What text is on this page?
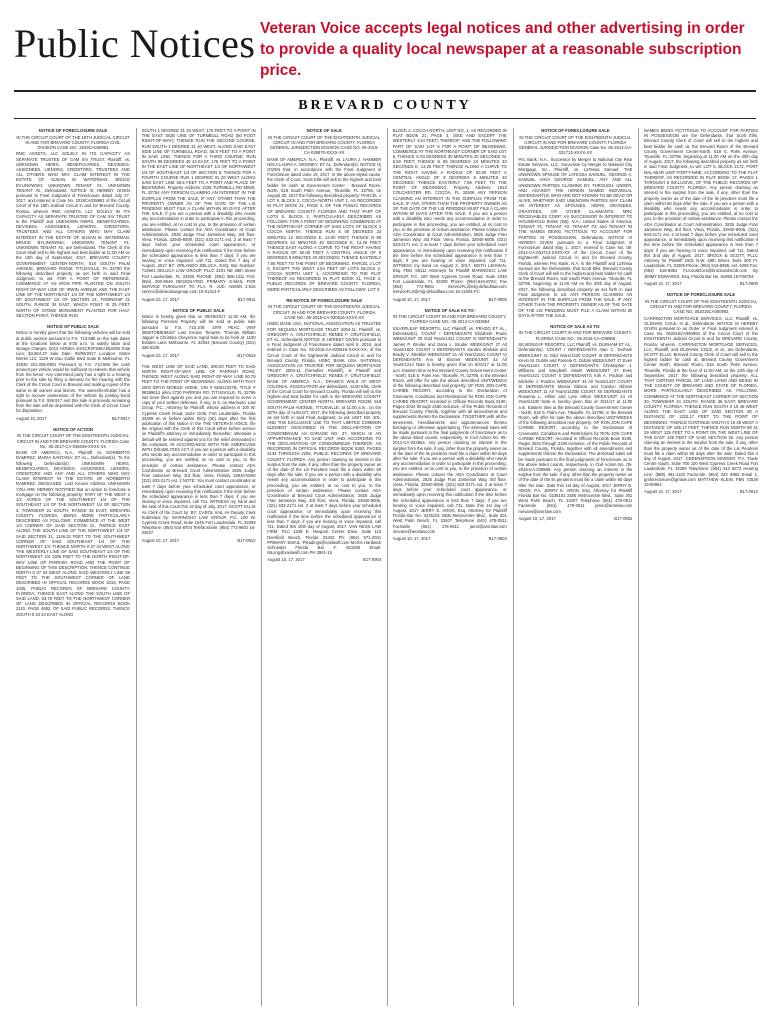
Public Notices Veteran Voice accepts legal notices and other advertising in order to provide a quality local newspaper at a reasonable subscription price.
BREVARD COUNTY

NOTICE OF FORECLOSURE SALE

IN THE CIRCUIT COURT OF THE 18TH JUDICIAL CIRCUIT IN AND FOR BREVARD COUNTY, FLORIDA CIVIL DIVISION CASE NO.: 2019CA038981

RMC ASSETS, LLC SOLELY IN ITS CAPACITY AS SEPARATE TRUSTEE OF CAM XIV TRUST, Plaintiff, vs. UNKNOWN HEIRS, BENEFICIARIES, DEVISEES, ASSIGNEES, LIENORS, CREDITORS, TRUSTEES AND ALL OTHERS WHO MAY CLAIM INTEREST IN THE ESTATE OF SUSAN M. WATERMAN; BRUCE BYLINOWSKI; UNKNOWN TENANT #1; UNKNOWN TENANT #2, Defendants. NOTICE IS HEREBY GIVEN pursuant to Final Judgment of Foreclosure dated July 27, 2017, and entered in Case No. 2019CA038981 of the Circuit Court of the 18th Judicial Circuit in and for Brevard County, Florida, wherein RMC ASSETS, LLC SOLELY IN ITS CAPACITY AS SEPARATE TRUSTEE OF CAM XIV TRUST is the Plaintiff and UNKNOWN HEIRS, BENEFICIARIES, DEVISEES, ASSIGNEES, LIENORS, CREDITORS, TRUSTEES AND ALL OTHERS WHO MAY CLAIM INTEREST IN THE ESTATE OF SUSAN M. WATERMAN; BRUCE BYLINOWSKI; UNKNOWN TENANT #1; UNKNOWN TENANT #2, are Defendants. The Clerk of the Court shall sell to the highest and best bidder at 11:00 AM on the 13th day of September, 2017, BREVARD COUNTY GOVERNMENT CENTER-NORTH, 518 SOUTH PALM AVENUE, BREVARD ROOM, TITUSVILLE, FL 32780 the following described property as set forth in said Final Judgment, to wit: FOR A POINT OF REFERENCE, COMMENCE AT AN IRON PIPE PLANTED ON SOUTH RIGHT-OF-WAY LINE OF IRWIN AVENUE AND THE EAST LINE OF THE NORTHEAST 1/4 OF THE NORTHWEST 1/4 OF SOUTHWEST 1/4 OF SECTION 14, TOWNSHIP 21 SOUTH, RANGE 34 EAST, WHICH POINT IS 25 FEET NORTH OF STONE MONUMENT PLANTED FOR HALF SECTION POINT, THENCE RUN

NOTICE OF PUBLIC SALE

Notice is hereby given that the following vehicles will be sold at public auction pursuant to F.S. 713.585 on the sale dates at the locations below at 9:00 a.m. to satisfy labor and storage charges. 2014 HONDA 1HGCR2F84EA053408 Total Lien: $3,664.37 Sale Date: 09/05/2017 Location: Motor Werks LLC 1129 W Eau Gallie Blvd Suite B Melbourne, FL 32935 321-255-0901 Pursuant to F.S. 713.585 the cash amount per vehicle would be sufficient to redeem that vehicle from the lienor. Any interested party has a right to a hearing prior to the sale by filing a demand for the hearing with the Clerk of the Circuit Court in Brevard and mailing copies of the same to all owners and lienors. The owner/lienholder has a right to recover possession of the vehicle by posting bond pursuant to F.S. 559.917 and this sale is proceeds remaining from the sale will be deposited with the Clerk of Circuit Court for disposition.

August 10, 2017	B17-0917

NOTICE OF ACTION

IN THE CIRCUIT COURT OF THE EIGHTEENTH JUDICIAL CIRCUIT IN AND FOR BREVARD COUNTY, FLORIDA Case No.: 05-2017-CA-035049-XXXX-XX

BANK OF AMERICA, N.A., Plaintiff, vs. NORBERTO RAMIREZ; MARIA SANTANA; ET AL., Defendant(s). To the following Defendant(s): UNKNOWN HEIRS, BENEFICIARIES, DEVISEES, ASSIGNEES, LIENORS, CREDITORS AND ANY AND ALL OTHERS WHO MAY CLAIM INTEREST IN THE ESTATE OF NORBERTO RAMIREZ, DECEASED. Last Known Address UNKNOWN YOU ARE HEREBY NOTIFIED that an action to foreclose a mortgage on the following property: PART OF THE WEST 2 1/2 ACRES OF THE SOUTHWEST 1/4 OF THE SOUTHEAST 1/4 OF THE NORTHWEST 1/4 OF SECTION 3, TOWNSHIP 21 SOUTH, RANGE 35 EAST, BREVARD COUNTY, FLORIDA, BEING MORE PARTICULARLY DESCRIBED AS FOLLOWS: COMMENCE AT THE WEST 1/4 CORNER OF SAID SECTION 21, THENCE EAST ALONG THE SOUTH LINE OF THE NORTHWEST 1/4 OF SAID SECTION 21, 1146.32 FEET TO THE SOUTHWEST CORNER OF SAID SOUTHEAST 1/4 OF THE NORTHWEST 1/4; THENCE NORTH 0 37 34 WEST ALONG THE WESTERLY LINE OF SAID SOUTHEAST 1/4 OF THE NORTHWEST 1/4 1305 FEET TO THE NORTH RIGHT-OF-WAY LINE OF PARRISH ROAD AND THE POINT OF BEGINNING OF THIS DESCRIPTION; THENCE CONTINUE NORTH 0 37 34 WEST ALONG SAID WESTERLY LINE 55 FEET TO THE SOUTHWEST CORNER OF LAND DESCRIBED IN OFFICIAL RECORDS BOOK 3310, PAGE 1035, PUBLIC RECORDS OF BREVARD COUNTY, FLORIDA; THENCE EAST ALONG THE SOUTH LINE OF SAID LAND, 53.78 FEET TO THE NORTHWEST CORNER OF LAND DESCRIBED IN OFFICIAL RECORDS BOOK 3110, PAGE 4882, OF SAID PUBLIC RECORDS; THENCE SOUTH 0 33 24 EAST ALONG

SOUTH 1 DEGREE 31 40 WEST, 170 FEET TO A POINT IN THE EAST SIDE LINE OF TURNBULL ROAD (50 FOOT RIGHT-OF-WAY); THENCE RUN THE SECOND COURSE, RUN SOUTH 1 DEGREE 31 40 WEST, ALONG SAID EAST SIDE LINE OF TURNBULL ROAD, 58.8 FEET TO A POINT IN SAID LINE; THENCE FOR A THIRD COURSE, RUN SOUTH 88 DEGREES 30 44 EAST, 175 FEET TO A POINT IN THE EAST LINE OF NORTHEAST 1/4 OF NORTHWEST 1/4 OF SOUTHEAST 1/4 OF SECTION 8; THENCE FOR A FOURTH COURSE RUN 1 DEGREE 31 20 WEST ALONG SAID EAST LINE 58.8 FEET TO A POINT AND PLACE OF BEGINNING. Property Address: 3425 TURNBULL RD MIMS, FL 32754 ANY PERSON CLAIMING AN INTEREST IN THE SURPLUS FROM THE SALE, IF ANY, OTHER THAN THE PROPERTY OWNER AS OF THE DATE OF THE LIS PENDENS MUST FILE A CLAIM WITHIN 60 DAYS AFTER THE SALE. If you are a person with a disability who needs any accommodation in order to participate in this proceeding, you are entitled, at no cost to you, to the provision of certain assistance. Please contact the ADA Coordinator at Court Administration, 2825 Judge Fran Jamieson Way, 3rd floor, Viera, Florida, 32940-8006, (321) 633-2171 ext. 2 at least 7 days before your scheduled court appearance, or immediately upon receiving this notification if the time before the scheduled appearance is less than 7 days; if you are hearing or voice impaired, call 711. Dated this 7 day of August, 2017 BY: ORLANDO DELUCA, ESQ. Bar Number: 719501 DELUCA LAW GROUP, PLLC 2101 NE 26th Street Fort Lauderdale, FL 33305 PHONE: (954) 368-1311 FAX: (954) 200-8649 DESIGNATED PRIMARY E-MAIL FOR SERVICE PURSUANT TO FLA. R. JUD. ADMIN 2.516 service@delucalawgroup.com 16-01314-F

August 10, 17, 2017	B17-0911

NOTICE OF PUBLIC SALE

Notice is hereby given that on 09/28/2017 11:30 AM, the following Personal Property will be sold at public sale pursuant to F.S. 715.109: 1979 PEAC VIN# 3065TOBB0M167 Last Known Tenants: Thomas William Jagger & Christina Cheyenne Ingrid Sale to be held at: 1100 Estates Lane Melbourne, FL 32934 (Brevard County) (321) 336-5336

August 10, 17, 2017	B17-0915

THE WEST LINE OF SAID LAND, 200.00 FEET TO SAID NORTH RIGHT-OF-WAY LINE OF PARRISH ROAD; THENCE WEST ALONG SAID RIGHT-OF-WAY LINE 50.79 FEET TO THE POINT OF BEGINNING. ALONG WITH THAT 2003 BRYO MOBILE HOME, VIN # 6D612337B, TITLE # 88389612 a/k/a 2720 PARRISH RD, TITUSVILLE, FL 32796 has been filed against you and you are required to serve a copy of your written defenses, if any, to it, on Marinosci Law Group, P.C., Attorney for Plaintiff, whose address is 100 W. Cypress Creek Road, Suite 1045, Fort Lauderdale, Florida 33309 on or before within thirty (30) days after the first publication of this Notice in the THE VETERAN VOICE, file the original with the Clerk of this Court either before service on Plaintiff's attorney or immediately thereafter; otherwise a default will be entered against you for the relief demanded in the complaint. IN ACCORDANCE WITH THE AMERICANS WITH DISABILITIES ACT, if you are a person with a disability who needs any accommodation in order to participate in this proceeding, you are entitled, at no cost to you, to the provision of certain assistance. Please contact ADA Coordinator at Brevard Court Administration 2825 Judge Fran Jamieson Way, 3rd floor, Viera, Florida, 32940-8006 (321) 633-2171 ext. 2 NOTE: You must contact coordinator at least 7 days before your scheduled court appearance, or immediately upon receiving this notification if the time before the scheduled appearance is less than 7 days; if you are hearing or voice impaired, call 711. WITNESS my hand and the seal of this Court this 10 day of July, 2017. SCOTT ELLIS As Clerk of the Court by: BY: CAROL VAIL As Deputy Clerk Submitted by: MARINOSCI LAW GROUP, P.C. 100 W. Cypress Creek Road, Suite 1045 Fort Lauderdale, FL 33309 Telephone: (954) 644-8704 Telefacsimile: (954) 772-9601 16-03537

August 10, 17, 2017	B17-0912

NOTICE OF SALE

IN THE CIRCUIT COURT OF THE EIGHTEENTH JUDICIAL CIRCUIT IN AND FOR BREVARD COUNTY, FLORIDA GENERAL JURISDICTION DIVISION CASE NO. 05-2016-CA-029870-XXXX-XX

BANK OF AMERICA, N.A., Plaintiff, vs. LAURA J. HAMMER N/K/A LAURA A. MOONEY, ET AL. Defendant(s). NOTICE IS GIVEN that, in accordance with the Final Judgment of Foreclosure dated June 19, 2017, in the above-styled cause, the Clerk of Court, Scott Ellis will sell to the highest and best bidder for cash at Government Center - Brevard Room, North, 518 South Palm Avenue, Titusville, FL 32796, on August 30, 2017 the following described property: PARCEL 1 LOT 9, BLOCK 2, COCOA NORTH UNIT 1, AS RECORDED IN PLAT BOOK 21, PAGE 3, OF THE PUBLIC RECORDS OF BREVARD COUNTY, FLORIDA AND THAT PART OF LOTS 6, BLOCK 2, PARTICULARLY DESCRIBED AS FOLLOWS: FOR A POINT OF BEGINNING COMMENCE AT THE NORTHEAST CORNER OF SAID LOTS OF BLOCK 2 COCOA NORTH, THENCE RUN S 00 DEGREES 32 MINUTES 12 SECONDS E, 13.00 FEET; THENCE N 89 DEGREES 24 MINUTES 40 SECONDS E, 13.26 FEET; THENCE EAST ALONG A CURVE TO THE RIGHT HAVING A RADIUS OF 50.00 FEET A CENTRAL ANGLE OF 8 DEGREES 8 MINUTES 40 SECONDS; THENCE EASTERLY 7.86 FEET TO THE POINT OF BEGINNING. PARCEL 2 LOT 5, EXCEPT THE WEST 4.64 FEET OF LOTS BLOCK 2, COCOA NORTH UNIT 1, ACCORDING TO THE PLAT THEREOF AS RECORDED IN PLAT BOOK 21, PAGE 3, PUBLIC RECORDS OF BREVARD COUNTY, FLORIDA, MORE PARTICULARLY DESCRIBED AS FOLLOWS: LOT 5

RE-NOTICE OF FORECLOSURE SALE

IN THE CIRCUIT COURT OF THE EIGHTEENTH JUDICIAL CIRCUIT, IN AND FOR BREVARD COUNTY, FLORIDA CASE NO.: 05-2015-CA-030616-XXXX-XX

HSBC BANK USA, NATIONAL ASSOCIATION AS TRUSTEE FOR SEQUOIA MORTGAGE TRUST 2004-11, Plaintiff, vs. GREGORY A. CRUTCHFIELD; RENEE F. CRUTCHFIELD, ET AL. Defendants NOTICE IS HEREBY GIVEN pursuant to a Final Judgment of Foreclosure dated April 8, 2016, and entered in Case No. 05-2015-CA-030616-XXXX-XX, of the Circuit Court of the Eighteenth Judicial Circuit in and for Brevard County, Florida. HSBC BANK USA, NATIONAL ASSOCIATION AS TRUSTEE FOR SEQUOIA MORTGAGE TRUST 2004-11 (hereafter Plaintiff), is Plaintiff and GREGORY A. CRUTCHFIELD; RENEE F. CRUTCHFIELD; BANK OF AMERICA, N.A.; DRAKE'S WALK AT WEST COLONIAL ASSOCIATION are defendants. Scott Ellis, Clerk of the Circuit Court for Brevard County, Florida will sell to the highest and best bidder for cash in the BREVARD COUNTY GOVERNMENT CENTER NORTH, BREVARD ROOM, 518 SOUTH PALM AVENUE, TITUSVILLE, at 11:00 a.m., on the 30TH day of AUGUST, 2017, the following described property as set forth in said Final Judgment, to wit: UNIT NO. 301, AND THE EXCLUSIVE USE TO THAT LIMITED COMMON ELEMENT DESCRIBED IN THE DECLARATION OF CONDOMINIUM AS GARAGE NO. 37, WHICH IS AN APPURTENANCE TO SAID UNIT AND ACCORDING TO THE DECLARATION OF CONDOMINIUM THEREOF, AS RECORDED IN OFFICIAL RECORDS BOOK 5362, PAGES 2134 THROUGH 2256, PUBLIC RECORDS OF BREVARD COUNTY, FLORIDA. Any person claiming an interest in the surplus from the sale, if any, other than the property owner as of the date of the Lis Pendens must file a claim within 60 days after the sale. If you are a person with a disability who needs any accommodation in order to participate in this proceeding, you are entitled, at no cost to you, to the provision of certain assistance. Please contact ADA Coordinator at Brevard Court Administration, 2825 Judge Fran Jamieson Way, 3rd floor, Viera, Florida, 32940-8006, (321) 633-2171 ext. 2 at least 7 days before your scheduled court appearance, or immediately upon receiving this notification if the time before the scheduled appearance is less than 7 days; if you are hearing or voice impaired, call 711. Dated this 10th day of August, 2017. VAN NESS LAW FIRM, PLC 1239 E. Newport Center Drive, Suite 110 Deerfield Beach, Florida 33442 Ph: (954) 571-2031 PRIMARY EMAIL: Pleadings@vanlawfl.com Morris Hardwick Schneider Florida Bar #: 621935 Email: MLong@vanlawfl.com PH 2981-15

August 10, 17, 2017	B17-0904

BLOCK 2, COCOA NORTH, UNIT NO. 1, AS RECORDED IN PLAT BOOK 21, PAGE 3, (SEE AND EXCEPT THE WESTERLY 4.64 FEET) THEREOF, AND THE FOLLOWING PART OF SAID LOT 6 FOR A POINT OF BEGINNING, COMMENCE AT THE NORTHEAST CORNER OF SAID LOT 6, THENCE S 04 DEGREES 30 MINUTES 20 SECONDS W, 6.50 FEET; THENCE N 86 DEGREES 24 MINUTES 40 SECONDS E, 13.26 FEET; THENCE ALONG A CURVE TO THE RIGHT HAVING A RADIUS OF 50.00 FEET A CENTRAL ANGLE OF 8 DEGREES 8 MINUTES 40 SECONDS; THENCE EASTERLY 7.86 FEET TO THE POINT OF BEGINNING. Property Address: 1913 COLCHESTER RD. COCOA, FL 32926 ANY PERSON CLAIMING AN INTEREST IN THE SURPLUS FROM THE SALE, IF ANY, OTHER THAN THE PROPERTY OWNER AS OF THE DATE OF THE LIS PENDENS MUST FILE A CLAIM WITHIN 60 DAYS AFTER THE SALE. If you are a person with a disability who needs any accommodation in order to participate in this proceeding, you are entitled, at no cost to you, to the provision of certain assistance. Please contact the ADA Coordinator at Court Administration, 2825 Judge Fran Jamieson Way, 3rd Floor, Viera, Florida, 32940-8006, (321) 633-2171 ext. 2 at least 7 days before your scheduled court appearance, or immediately upon receiving this notification if the time before the scheduled appearance is less than 7 days; if you are hearing or voice impaired, call 711. WITNESS my hand on August 3, 2017. KEITH LEHMAN, Esq. FBN. 85111 Attorneys for Plaintiff MARINOSCI LAW GROUP, P.C. 100 West Cypress Creek Road, Suite 1045 Fort Lauderdale, FL 33309 Phone: (954)-644-8704; Fax (954) 772-9601 ServiceFL@mlg-defaultlaw.com ServiceFL2@mlg-defaultlaw.com 15-11604-FC

August 10, 17, 2017	B17-0905

NOTICE OF SALE AS TO:

IN THE CIRCUIT COURT IN AND FOR BREVARD COUNTY, FLORIDA CASE NO.: 05-2014-CA-033854

SILVERLEAF RESORTS, LLC Plaintiff, vs. PRADO ET AL., Defendant(s). COUNT I DEFENDANTS Elizabeth Prado WEEK/UNIT 20 Odd Years/1421 COUNT IV DEFENDANTS James P. Bruder and Dana L. Bruder WEEK/UNIT 27 All Years/1501 COUNT V DEFENDANTS Sandra Strebkin and Bradly V. Strebkin WEEK/UNIT 21 All Years/1501 COUNT VI DEFENDANTS Ann M. Bonner WEEK/UNIT 42 All Years/1214 Note is hereby given that on 8/31/17 at 11:00 a.m. Eastern time at the Brevard County Government Center - North, 518 S. Palm Ave, Titusville, FL 32796, in the Brevard Room, will offer for sale the above described UNIT/WEEKS of the following described real property: OF RON JON CAPE CARIBE RESORT, according to the Declaration of Covenants, Conditions and Restrictions for RON JON CAPE CARIBE RESORT, recorded in Official Records Book 5190, Pages 2034 through 2180 inclusive, of the Public Records of Brevard County, Florida, together with all amendments and supplements thereto the Declaration. TOGETHER with all the tenements, hereditaments and appurtenances thereto belonging or otherwise appertaining. The aforesaid sales will be made pursuant to the final judgments of foreclosure as to the above listed counts, respectively, in Civil Action No. 05-2014-CA-033854. Any person claiming an interest in the surplus from the sale, if any, other than the property owner as of the date of the lis pendens must file a claim within 60 days after the sale. If you are a person with a disability who needs any accommodation in order to participate in this proceeding, you are entitled, at no cost to you, to the provision of certain assistance. Please contact the ADA Coordinator at Court Administration, 2825 Judge Fran Jamieson Way, 3rd floor, Viera, Florida, 32940-8006, (321) 633-2171 ext. 2 at least 7 days before your scheduled court appearance, or immediately upon receiving this notification if the time before the scheduled appearance is less than 7 days; if you are hearing or voice impaired, call 711. Date this 1st day of August, 2017 JERRY E. ARON, Esq. Attorney for Plaintiff Florida Bar No. 0236101 2505 Metrocentre Blvd., Suite 301 West Palm Beach, FL 33407 Telephone (561) 478-0511 Facsimile (561) 478-0611 jaron@aronlaw.com mevans@aronlaw.com

August 10, 17, 2017	B17-0903

NOTICE OF FORECLOSURE SALE

IN THE CIRCUIT COURT OF THE EIGHTEENTH JUDICIAL CIRCUIT IN AND FOR BREVARD COUNTY, FLORIDA GENERAL JURISDICTION DIVISION Case No. 05-2014-CA-031713-XXXX-XX

Pnc Bank, N.A., Successor by Merger to National City Real Estate Services, LLC, Successor by Merger to National City Mortgage, Inc., Plaintiff, vs. LaTessa Samuel; THE UNKNOWN SPOUSE OF LATESSA SAMUEL; GEORGE A. SAMUEL A/K/A GEORGE SAMUEL; ANY AND ALL UNKNOWN PARTIES CLAIMING BY, THROUGH, UNDER, AND AGAINST THE HEREIN NAMED INDIVIDUAL DEFENDANT(S) WHO ARE NOT KNOWN TO BE DEAD OR ALIVE, WHETHER SAID UNKNOWN PARTIES MAY CLAIM AN INTEREST AS SPOUSES, HEIRS, DEVISEES, GRANTEES, OR OTHER CLAIMANTS; MRC RECEIVABLES CORP; AS SUCCESSOR IN INTEREST TO HOUSEHOLD BANK (SB), N.A.; United States of America; TENANT #1; TENANT #2; TENANT #3; and TENANT #4 THE NAMES BEING FICTITIOUS TO ACCOUNT FOR PARTIES IN POSSESSION, Defendants. NOTICE IS HEREBY GIVEN pursuant to a Final Judgment of Foreclosure dated May 1, 2017, entered in Case No. 05-2014-CA-031713-XXXX-XX of the Circuit Court of the Eighteenth Judicial Circuit, in and for Brevard County, Florida, wherein Pnc Bank, N.A. is the Plaintiff and LaTessa Samuel are the Defendants, that Scott Ellis, Brevard County Clerk of Court will sell to the highest and best bidder for cash at the Brevard Room, 518 South Palm Avenue, Titusville, FL 32796, beginning at 11:00 AM on the 30th day of August, 2017, the following described property as set forth in said Final Judgment, to wit: ANY PERSON CLAIMING AN INTEREST IN THE SURPLUS FROM THE SALE, IF ANY, OTHER THAN THE PROPERTY OWNER AS OF THE DATE OF THE LIS PENDENS MUST FILE A CLAIM WITHIN 60 DAYS AFTER THE SALE.

NOTICE OF SALE AS TO:

IN THE CIRCUIT COURT IN AND FOR BREVARD COUNTY, FLORIDA CASE NO.: 05-2016-CA-038968

SILVERLEAF RESORTS, LLC Plaintiff, vs. DURHAM ET AL., Defendant(s). COUNT I DEFENDANTS Alan C. Durham WEEK/UNIT 41 Odd Years/1420 COUNT III DEFENDANTS Kevin M. Dublin and Pamela G. Dublin WEEK/UNIT 47 Even Years/1421 COUNT V DEFENDANTS Christopher J. Williams and Marybeth Sissel WEEK/UNIT 27 Even Years/1421 COUNT X DEFENDANTS Kirk A. Poulton and Michelle J. Poulton WEEK/UNIT 44 All Years/1427 COUNT XI DEFENDANTS Marcia Gibson and Carolyn Gibson WEEK/UNIT 11 All Years/1420B COUNT XII DEFENDANTS Rosanna L. Hilton and Lynn Hilton WEEK/UNIT 24 All Years/1430 Note is hereby given that on 8/31/17 at 11:00 a.m. Eastern time at the Brevard County Government Center - North, 518 S. Palm Ave, Titusville, FL 32796, in the Brevard Room, will offer for sale the above described UNIT/WEEKS of the following described real property: OF RON JON CAPE CARIBE RESORT, according to the Declaration of Covenants, Conditions and Restrictions for RON JON CAPE CARIBE RESORT, recorded in Official Records Book 5190, Pages 2034 through 2180 inclusive, of the Public Records of Brevard County, Florida, together with all amendments and supplements thereto the Declaration. The aforesaid sales will be made pursuant to the final judgments of foreclosure as to the above listed counts, respectively, in Civil Action No. 05-2016-CA-038968. Any person claiming an interest in the surplus from the sale, if any, other than the property owner as of the date of the lis pendens must file a claim within 60 days after the sale. Date this 1st day of August, 2017 JERRY E. ARON, P.A. JERRY E. ARON, Esq. Attorney for Plaintiff Florida Bar No. 0236101 2505 Metrocentre Blvd., Suite 301 West Palm Beach, FL 33407 Telephone (561) 478-0511 Facsimile (561) 478-0611 jaron@aronlaw.com mevans@aronlaw.com

August 10, 17, 2017	B17-0902

NAMES BEING FICTITIOUS TO ACCOUNT FOR PARTIES IN POSSESSION are the Defendants, that Scott Ellis, Brevard County Clerk of Court will sell to the highest and best bidder for cash at, the Brevard Room of the Brevard County Government Center-North, 518 S. Palm Avenue, Titusville, FL 32796, beginning at 11:00 AM on the 30th day of August, 2017, the following described property as set forth in said Final Judgment, to wit: LOT 5, BLOCK 2172, PORT MALABAR UNIT FORTY-NINE, ACCORDING TO THE PLAT THEREOF, AS RECORDED IN PLAT BOOK 17, PAGES 1 THROUGH 5 INCLUSIVE, OF THE PUBLIC RECORDS OF BREVARD COUNTY, FLORIDA. Any person claiming an interest in the surplus from the sale, if any, other than the property owner as of the date of the lis pendens must file a claim within 60 days after the sale. If you are a person with a disability who needs any accommodation in order to participate in this proceeding, you are entitled, at no cost to you, to the provision of certain assistance. Please contact the ADA Coordinator at Court Administration, 2825 Judge Fran Jamieson Way, 3rd floor, Viera, Florida, 32940-8006, (321) 633-2171 ext. 2 at least 7 days before your scheduled court appearance, or immediately upon receiving this notification if the time before the scheduled appearance is less than 7 days; if you are hearing or voice impaired, call 711. Dated this 2nd day of August, 2017. BROCK & SCOTT, PLLC Attorney for Plaintiff 1501 N.W. 49th Street, Suite 200 Ft. Lauderdale, FL 33309 Phone: (954) 618-6955, ext. 6209 Fax: (954) 618-6954 FLCourtDocs@brockandscott.com By JIMMY EDWARDS, Esq. Florida Bar No. 81855 15-F08754

August 10, 17, 2017	B17-0900

NOTICE OF FORECLOSURE SALE

IN THE CIRCUIT COURT OF THE EIGHTEENTH JUDICIAL CIRCUIT IN AND FOR BREVARD COUNTY, FLORIDA CASE NO. 052015CA050963

CARRINGTON MORTGAGE SERVICES, LLC, Plaintiff, vs. OLDHAM, COLE, et al., Defendants. NOTICE IS HEREBY GIVEN pursuant to an Order or Final Judgment entered in Case No. 052015CA050963 of the Circuit Court of the EIGHTEENTH Judicial Circuit in and for BREVARD County, Florida, wherein, CARRINGTON MORTGAGE SERVICES, LLC, Plaintiff, and OLDHAM, COLE, et al., are Defendants, SCOTT ELLIS, Brevard County Clerk of Court will sell to the highest bidder for cash at, Brevard County Government Center North, Brevard Room, 518 South Palm Avenue, Titusville, Florida at the hour of 11:00 AM, on the 13th day of September, 2017, the following described property: ALL THAT CERTAIN PARCEL OF LAND LYING AND BEING IN THE COUNTY OF BREVARD AND STATE OF FLORIDA, MORE PARTICULARLY DESCRIBED AS FOLLOWS: COMMENCE AT THE NORTHEAST CORNER OF SECTION 30, TOWNSHIP 24 SOUTH, RANGE 36 EAST, BREVARD COUNTY, FLORIDA; THENCE RUN SOUTH 0 19 48 WEST ALONG THE EAST LINE OF SAID SECTION 30 A DISTANCE OF 1322.17 FEET TO THE POINT OF BEGINNING; THENCE CONTINUE SOUTH 0 19 48 WEST A DISTANCE OF 165.17 FEET; THENCE RUN NORTH 89 41 29 WEST 135 FEET TO A POINT ON THE WEST LINE OF THE EAST 135 FEET OF SAID SECTION 30. Any person claiming an interest in the surplus from the sale, if any, other than the property owner as of the date of the Lis Pendens must file a claim within 60 days after the sale. Dated this 4 day of August, 2017. GREENSPOON MARDER, P.A. Trade Centre South, Suite 700 100 West Cypress Creek Road Fort Lauderdale, FL 33309 Telephone: (954) 343 6273 Hearing Line: (888) 491-1120 Facsimile: (954) 343 6982 Email 1: gmforeclosure@gmlaw.com MATTHEW KLEIN, FBN 73529 15-00964

August 10, 17, 2017	B17-0913
